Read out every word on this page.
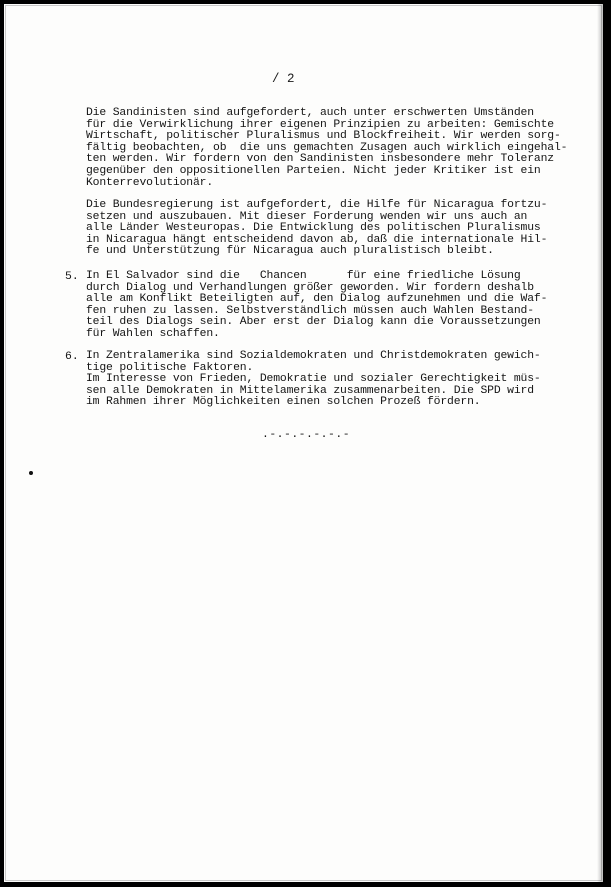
/ 2
Die Sandinisten sind aufgefordert, auch unter erschwerten Umständen
für die Verwirklichung ihrer eigenen Prinzipien zu arbeiten: Gemischte
Wirtschaft, politischer Pluralismus und Blockfreiheit. Wir werden sorg-
fältig beobachten, ob  die uns gemachten Zusagen auch wirklich eingehal-
ten werden. Wir fordern von den Sandinisten insbesondere mehr Toleranz
gegenüber den oppositionellen Parteien. Nicht jeder Kritiker ist ein
Konterrevolutionär.
Die Bundesregierung ist aufgefordert, die Hilfe für Nicaragua fortzu-
setzen und auszubauen. Mit dieser Forderung wenden wir uns auch an
alle Länder Westeuropas. Die Entwicklung des politischen Pluralismus
in Nicaragua hängt entscheidend davon ab, daß die internationale Hil-
fe und Unterstützung für Nicaragua auch pluralistisch bleibt.
5. In El Salvador sind die   Chancen      für eine friedliche Lösung
durch Dialog und Verhandlungen größer geworden. Wir fordern deshalb
alle am Konflikt Beteiligten auf, den Dialog aufzunehmen und die Waf-
fen ruhen zu lassen. Selbstverständlich müssen auch Wahlen Bestand-
teil des Dialogs sein. Aber erst der Dialog kann die Voraussetzungen
für Wahlen schaffen.
6. In Zentralamerika sind Sozialdemokraten und Christdemokraten gewich-
tige politische Faktoren.
Im Interesse von Frieden, Demokratie und sozialer Gerechtigkeit müs-
sen alle Demokraten in Mittelamerika zusammenarbeiten. Die SPD wird
im Rahmen ihrer Möglichkeiten einen solchen Prozeß fördern.
.-.-.-.-.-.-
